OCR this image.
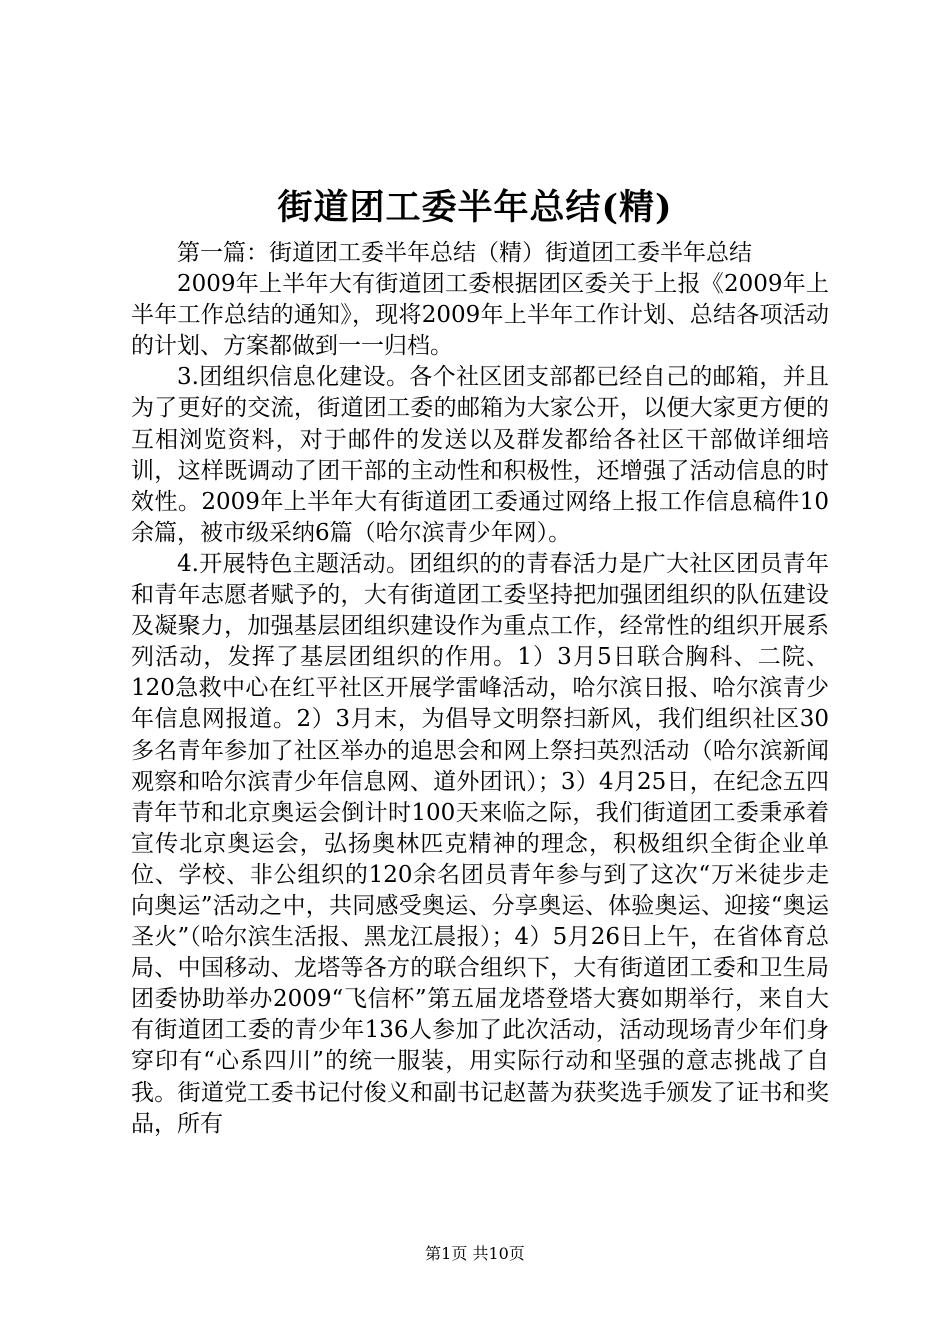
街道团工委半年总结(精)

第一篇：街道团工委半年总结（精）街道团工委半年总结

2009年上半年大有街道团工委根据团区委关于上报《2009年上半年工作总结的通知》，现将2009年上半年工作计划、总结各项活动的计划、方案都做到一一归档。

3.团组织信息化建设。各个社区团支部都已经自己的邮箱，并且为了更好的交流，街道团工委的邮箱为大家公开，以便大家更方便的互相浏览资料，对于邮件的发送以及群发都给各社区干部做详细培训，这样既调动了团干部的主动性和积极性，还增强了活动信息的时效性。2009年上半年大有街道团工委通过网络上报工作信息稿件10余篇，被市级采纳6篇（哈尔滨青少年网）。

4.开展特色主题活动。团组织的的青春活力是广大社区团员青年和青年志愿者赋予的，大有街道团工委坚持把加强团组织的队伍建设及凝聚力，加强基层团组织建设作为重点工作，经常性的组织开展系列活动，发挥了基层团组织的作用。1）3月5日联合胸科、二院、120急救中心在红平社区开展学雷峰活动，哈尔滨日报、哈尔滨青少年信息网报道。2）3月末，为倡导文明祭扫新风，我们组织社区30多名青年参加了社区举办的追思会和网上祭扫英烈活动（哈尔滨新闻观察和哈尔滨青少年信息网、道外团讯）；3）4月25日，在纪念五四青年节和北京奥运会倒计时100天来临之际，我们街道团工委秉承着宣传北京奥运会，弘扬奥林匹克精神的理念，积极组织全街企业单位、学校、非公组织的120余名团员青年参与到了这次“万米徒步走向奥运”活动之中，共同感受奥运、分享奥运、体验奥运、迎接“奥运圣火”（哈尔滨生活报、黑龙江晨报）；4）5月26日上午，在省体育总局、中国移动、龙塔等各方的联合组织下，大有街道团工委和卫生局团委协助举办2009“飞信杯”第五届龙塔登塔大赛如期举行，来自大有街道团工委的青少年136人参加了此次活动，活动现场青少年们身穿印有“心系四川”的统一服装，用实际行动和坚强的意志挑战了自我。街道党工委书记付俊义和副书记赵蔷为获奖选手颁发了证书和奖品，所有

第1页 共10页
